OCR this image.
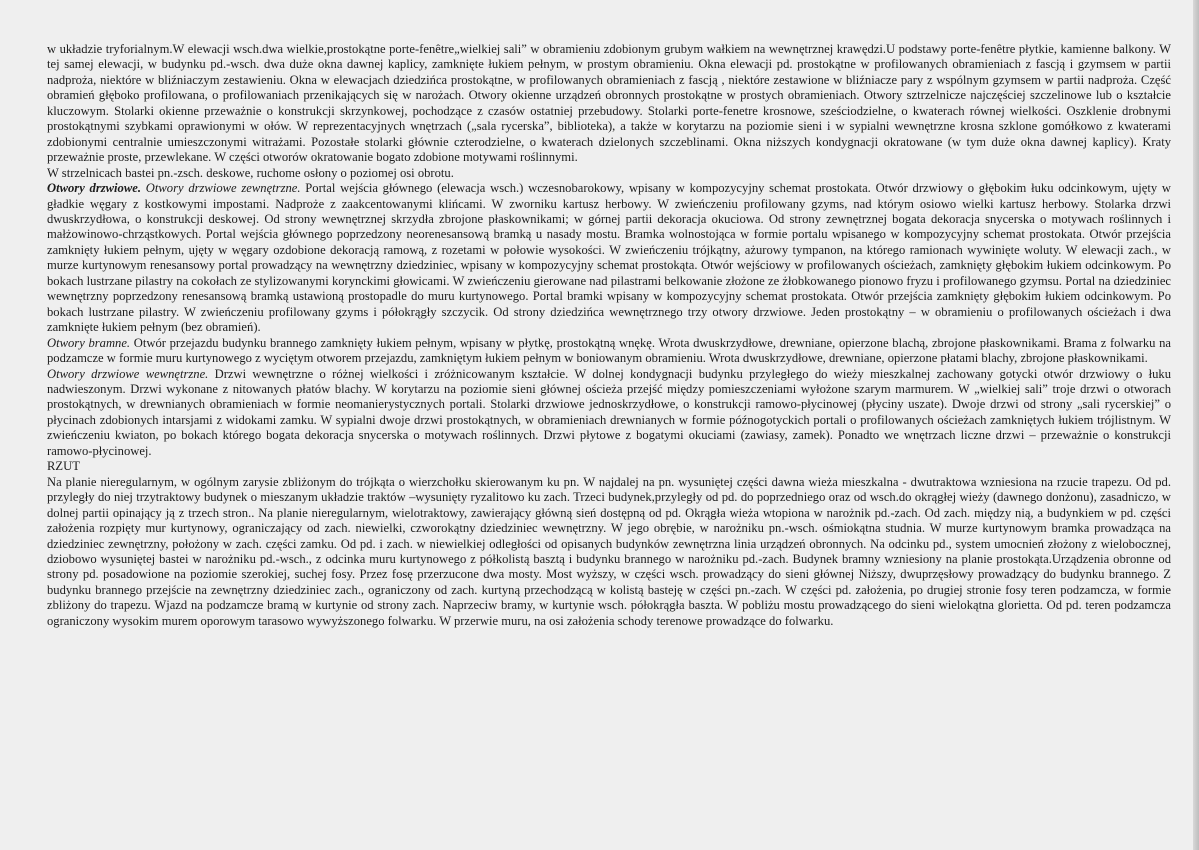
w układzie tryforialnym.W elewacji wsch.dwa wielkie,prostokątne porte-fenêtre„wielkiej sali” w obramieniu zdobionym grubym wałkiem na wewnętrznej krawędzi.U podstawy porte-fenêtre płytkie, kamienne balkony. W tej samej elewacji, w budynku pd.-wsch. dwa duże okna dawnej kaplicy, zamknięte łukiem pełnym, w prostym obramieniu. Okna elewacji pd. prostokątne w profilowanych obramieniach z fascją i gzymsem w partii nadproża, niektóre w bliźniaczym zestawieniu. Okna w elewacjach dziedzińca prostokątne, w profilowanych obramieniach z fascją , niektóre zestawione w bliźniacze pary z wspólnym gzymsem w partii nadproża. Część obramień głęboko profilowana, o profilowaniach przenikających się w narożach. Otwory okienne urządzeń obronnych prostokątne w prostych obramieniach. Otwory sztrzelnicze najczęściej szczelinowe lub o kształcie kluczowym. Stolarki okienne przeważnie o konstrukcji skrzynkowej, pochodzące z czasów ostatniej przebudowy. Stolarki porte-fenetre krosnowe, sześciodzielne, o kwaterach równej wielkości. Oszklenie drobnymi prostokątnymi szybkami oprawionymi w ołów. W reprezentacyjnych wnętrzach („sala rycerska”, biblioteka), a także w korytarzu na poziomie sieni i w sypialni wewnętrzne krosna szklone gomółkowo z kwaterami zdobionymi centralnie umieszczonymi witrażami. Pozostałe stolarki głównie czterodzielne, o kwaterach dzielonych szczeblinami. Okna niższych kondygnacji okratowane (w tym duże okna dawnej kaplicy). Kraty przeważnie proste, przewlekane. W części otworów okratowanie bogato zdobione motywami roślinnymi.

W strzelnicach bastei pn.-zsch. deskowe, ruchome osłony o poziomej osi obrotu.

Otwory drzwiowe. Otwory drzwiowe zewnętrzne. Portal wejścia głównego (elewacja wsch.) wczesnobarokowy, wpisany w kompozycyjny schemat prostokata. Otwór drzwiowy o głębokim łuku odcinkowym, ujęty w gładkie węgary z kostkowymi impostami. Nadproże z zaakcentowanymi klińcami. W zworniku kartusz herbowy. W zwieńczeniu profilowany gzyms, nad którym osiowo wielki kartusz herbowy. Stolarka drzwi dwuskrzydłowa, o konstrukcji deskowej. Od strony wewnętrznej skrzydła zbrojone płaskownikami; w górnej partii dekoracja okuciowa. Od strony zewnętrznej bogata dekoracja snycerska o motywach roślinnych i małżowinowo-chrząstkowych. Portal wejścia głównego poprzedzony neorenesansową bramką u nasady mostu. Bramka wolnostojąca w formie portalu wpisanego w kompozycyjny schemat prostokata. Otwór przejścia zamknięty łukiem pełnym, ujęty w węgary ozdobione dekoracją ramową, z rozetami w połowie wysokości. W zwieńczeniu trójkątny, ażurowy tympanon, na którego ramionach wywinięte woluty. W elewacji zach., w murze kurtynowym renesansowy portal prowadzący na wewnętrzny dziedziniec, wpisany w kompozycyjny schemat prostokąta. Otwór wejściowy w profilowanych ościeżach, zamknięty głębokim łukiem odcinkowym. Po bokach lustrzane pilastry na cokołach ze stylizowanymi korynckimi głowicami. W zwieńczeniu gierowane nad pilastrami belkowanie złożone ze żłobkowanego pionowo fryzu i profilowanego gzymsu. Portal na dziedziniec wewnętrzny poprzedzony renesansową bramką ustawioną prostopadle do muru kurtynowego. Portal bramki wpisany w kompozycyjny schemat prostokata. Otwór przejścia zamknięty głębokim łukiem odcinkowym. Po bokach lustrzane pilastry. W zwieńczeniu profilowany gzyms i półokrągły szczycik. Od strony dziedzińca wewnętrznego trzy otwory drzwiowe. Jeden prostokątny – w obramieniu o profilowanych ościeżach i dwa zamknięte łukiem pełnym (bez obramień).

Otwory bramne. Otwór przejazdu budynku brannego zamknięty łukiem pełnym, wpisany w płytkę, prostokątną wnękę. Wrota dwuskrzydłowe, drewniane, opierzone blachą, zbrojone płaskownikami. Brama z folwarku na podzamcze w formie muru kurtynowego z wyciętym otworem przejazdu, zamkniętym łukiem pełnym w boniowanym obramieniu. Wrota dwuskrzydłowe, drewniane, opierzone płatami blachy, zbrojone płaskownikami.

Otwory drzwiowe wewnętrzne. Drzwi wewnętrzne o różnej wielkości i zróżnicowanym kształcie. W dolnej kondygnacji budynku przyległego do wieży mieszkalnej zachowany gotycki otwór drzwiowy o łuku nadwieszonym. Drzwi wykonane z nitowanych płatów blachy. W korytarzu na poziomie sieni głównej ościeża przejść między pomieszczeniami wyłożone szarym marmurem. W „wielkiej sali” troje drzwi o otworach prostokątnych, w drewnianych obramieniach w formie neomanierystycznych portali. Stolarki drzwiowe jednoskrzydłowe, o konstrukcji ramowo-płycinowej (płyciny uszate). Dwoje drzwi od strony „sali rycerskiej” o płycinach zdobionych intarsjami z widokami zamku. W sypialni dwoje drzwi prostokątnych, w obramieniach drewnianych w formie późnogotyckich portali o profilowanych ościeżach zamkniętych łukiem trójlistnym. W zwieńczeniu kwiaton, po bokach którego bogata dekoracja snycerska o motywach roślinnych. Drzwi płytowe z bogatymi okuciami (zawiasy, zamek). Ponadto we wnętrzach liczne drzwi – przeważnie o konstrukcji ramowo-płycinowej.

RZUT

Na planie nieregularnym, w ogólnym zarysie zbliżonym do trójkąta o wierzchołku skierowanym ku pn. W najdalej na pn. wysuniętej części dawna wieża mieszkalna - dwutraktowa wzniesiona na rzucie trapezu. Od pd. przyległy do niej trzytraktowy budynek o mieszanym układzie traktów –wysunięty ryzalitowo ku zach. Trzeci budynek,przyległy od pd. do poprzedniego oraz od wsch.do okrągłej wieży (dawnego donżonu), zasadniczo, w dolnej partii opinający ją z trzech stron.. Na planie nieregularnym, wielotraktowy, zawierający główną sień dostępną od pd. Okrągła wieża wtopiona w narożnik pd.-zach. Od zach. między nią, a budynkiem w pd. części założenia rozpięty mur kurtynowy, ograniczający od zach. niewielki, czworokątny dziedziniec wewnętrzny. W jego obrębie, w narożniku pn.-wsch. ośmiokątna studnia. W murze kurtynowym bramka prowadząca na dziedziniec zewnętrzny, położony w zach. części zamku. Od pd. i zach. w niewielkiej odległości od opisanych budynków zewnętrzna linia urządzeń obronnych. Na odcinku pd., system umocnień złożony z wielobocznej, dziobowo wysuniętej bastei w narożniku pd.-wsch., z odcinka muru kurtynowego z półkolistą basztą i budynku brannego w narożniku pd.-zach. Budynek bramny wzniesiony na planie prostokąta.Urządzenia obronne od strony pd. posadowione na poziomie szerokiej, suchej fosy. Przez fosę przerzucone dwa mosty. Most wyższy, w części wsch. prowadzący do sieni głównej Niższy, dwuprzęsłowy prowadzący do budynku brannego. Z budynku brannego przejście na zewnętrzny dziedziniec zach., ograniczony od zach. kurtyną przechodzącą w kolistą basteję w części pn.-zach. W części pd. założenia, po drugiej stronie fosy teren podzamcza, w formie zbliżony do trapezu. Wjazd na podzamcze bramą w kurtynie od strony zach. Naprzeciw bramy, w kurtynie wsch. półokrągła baszta. W pobliżu mostu prowadzącego do sieni wielokątna glorietta. Od pd. teren podzamcza ograniczony wysokim murem oporowym tarasowo wywyższonego folwarku. W przerwie muru, na osi założenia schody terenowe prowadzące do folwarku.
